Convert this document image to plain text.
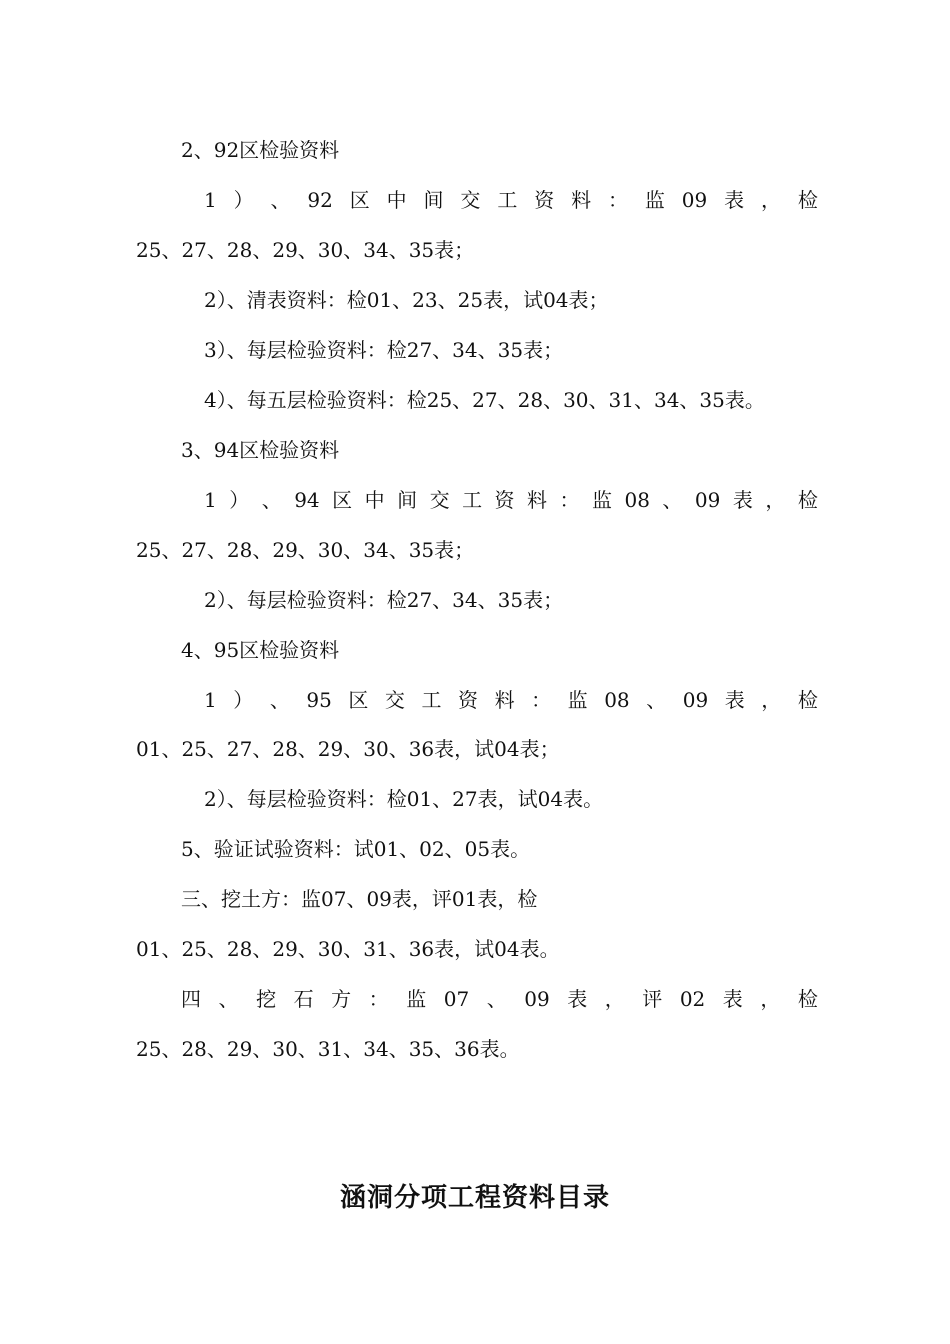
2、92区检验资料
1 ） 、 92 区 中 间 交 工 资 料 ： 监 09 表 ， 检
25、27、28、29、30、34、35表；
2）、清表资料：检01、23、25表，试04表；
3）、每层检验资料：检27、34、35表；
4）、每五层检验资料：检25、27、28、30、31、34、35表。
3、94区检验资料
1 ） 、 94 区 中 间 交 工 资 料 ： 监 08 、 09 表 ， 检
25、27、28、29、30、34、35表；
2）、每层检验资料：检27、34、35表；
4、95区检验资料
1 ） 、 95 区 交 工 资 料 ： 监 08 、 09 表 ， 检
01、25、27、28、29、30、36表，试04表；
2）、每层检验资料：检01、27表，试04表。
5、验证试验资料：试01、02、05表。
三、挖土方：监07、09表，评01表，检
01、25、28、29、30、31、36表，试04表。
四 、 挖 石 方 ： 监 07 、 09 表 ， 评 02 表 ， 检
25、28、29、30、31、34、35、36表。
涵洞分项工程资料目录
